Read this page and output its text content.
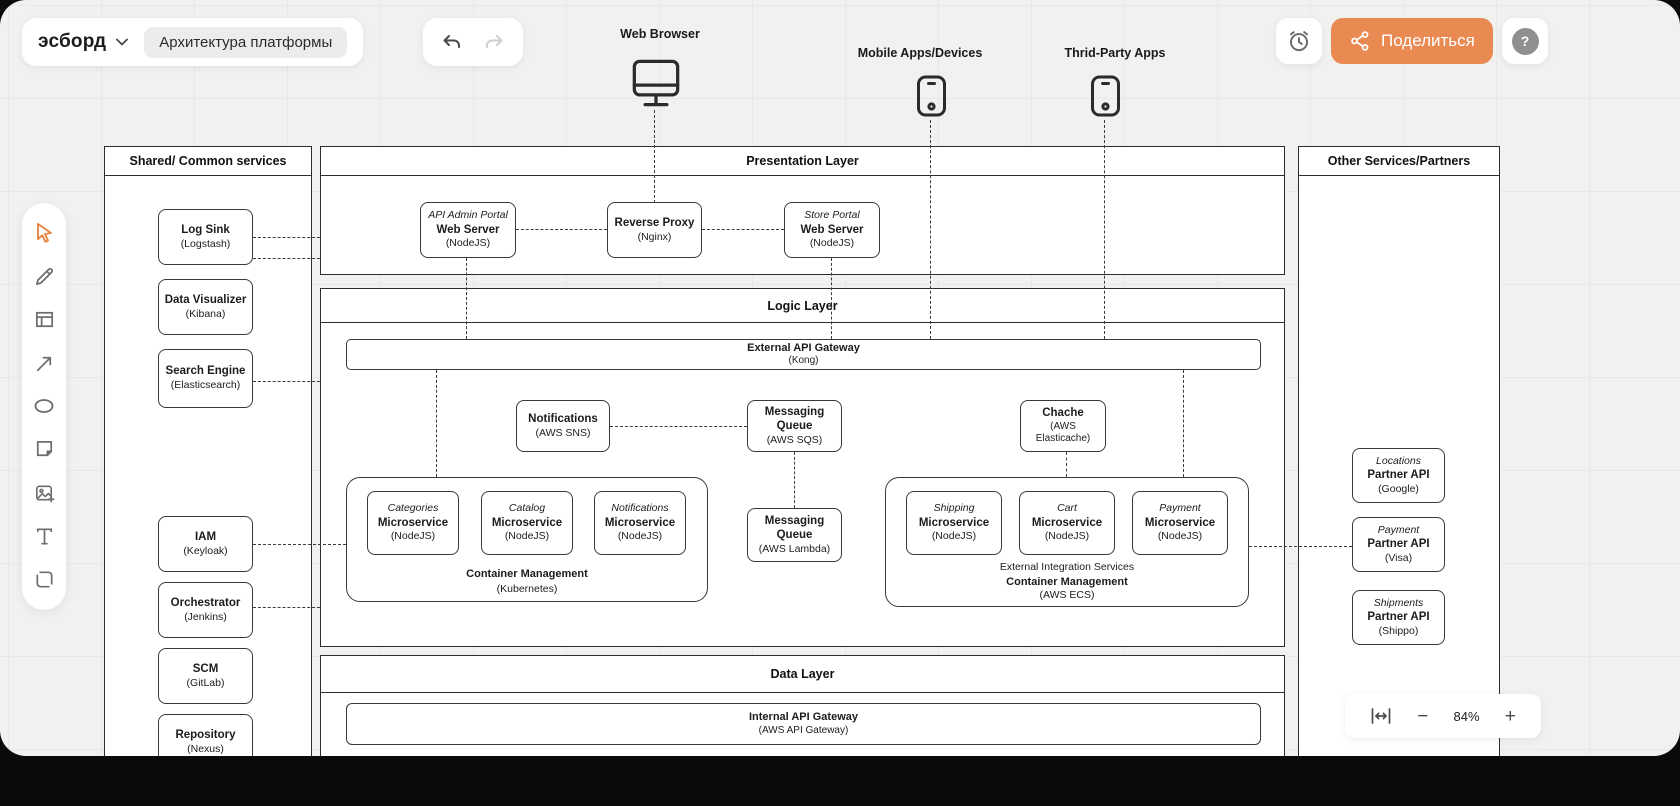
эсборд	Архитектура платформы	Поделиться	?
Web Browser
Mobile Apps/Devices	Thrid-Party Apps
Shared/ Common services	Presentation Layer
Logic Layer
Data Layer
Other Services/Partners
Log Sink
(Logstash)
Data Visualizer
(Kibana)
Search Engine
(Elasticsearch)
IAM
(Keyloak)
Orchestrator
(Jenkins)
SCM
(GitLab)
Repository
(Nexus)
API Admin Portal
Web Server
(NodeJS)
Reverse Proxy
(Nginx)
Store Portal
Web Server
(NodeJS)
External API Gateway
(Kong)
Notifications
(AWS SNS)
Messaging Queue
(AWS SQS)
Chache
(AWS Elasticache)
Messaging Queue
(AWS Lambda)
Categories
Microservice
(NodeJS)
Catalog
Microservice
(NodeJS)
Notifications
Microservice
(NodeJS)
Container Management
(Kubernetes)
Shipping
Microservice
(NodeJS)
Cart
Microservice
(NodeJS)
Payment
Microservice
(NodeJS)
External Integration Services
Container Management
(AWS ECS)
Internal API Gateway
(AWS API Gateway)
Locations
Partner API
(Google)
Payment
Partner API
(Visa)
Shipments
Partner API
(Shippo)
− 84% +
